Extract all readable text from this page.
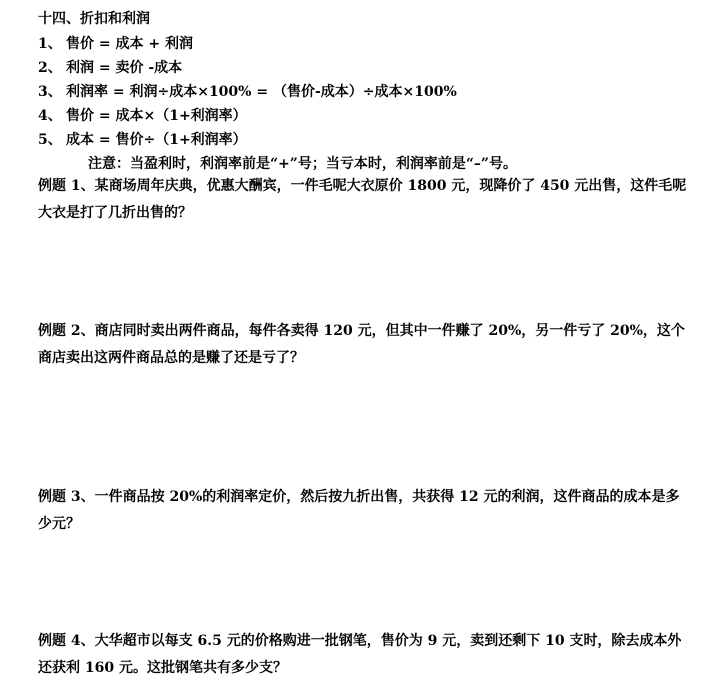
十四、折扣和利润
1、 售价 = 成本 + 利润
2、 利润 = 卖价 -成本
3、 利润率 = 利润÷成本×100% = （售价-成本）÷成本×100%
4、 售价 = 成本×（1+利润率）
5、 成本 = 售价÷（1+利润率）
注意：当盈利时，利润率前是“+”号；当亏本时，利润率前是“–”号。
例题 1、某商场周年庆典，优惠大酬宾，一件毛呢大衣原价 1800 元，现降价了 450 元出售，这件毛呢大衣是打了几折出售的？
例题 2、商店同时卖出两件商品，每件各卖得 120 元，但其中一件赚了 20%，另一件亏了 20%，这个商店卖出这两件商品总的是赚了还是亏了？
例题 3、一件商品按 20%的利润率定价，然后按九折出售，共获得 12 元的利润，这件商品的成本是多少元？
例题 4、大华超市以每支 6.5 元的价格购进一批钢笔，售价为 9 元，卖到还剩下 10 支时，除去成本外还获利 160 元。这批钢笔共有多少支？
